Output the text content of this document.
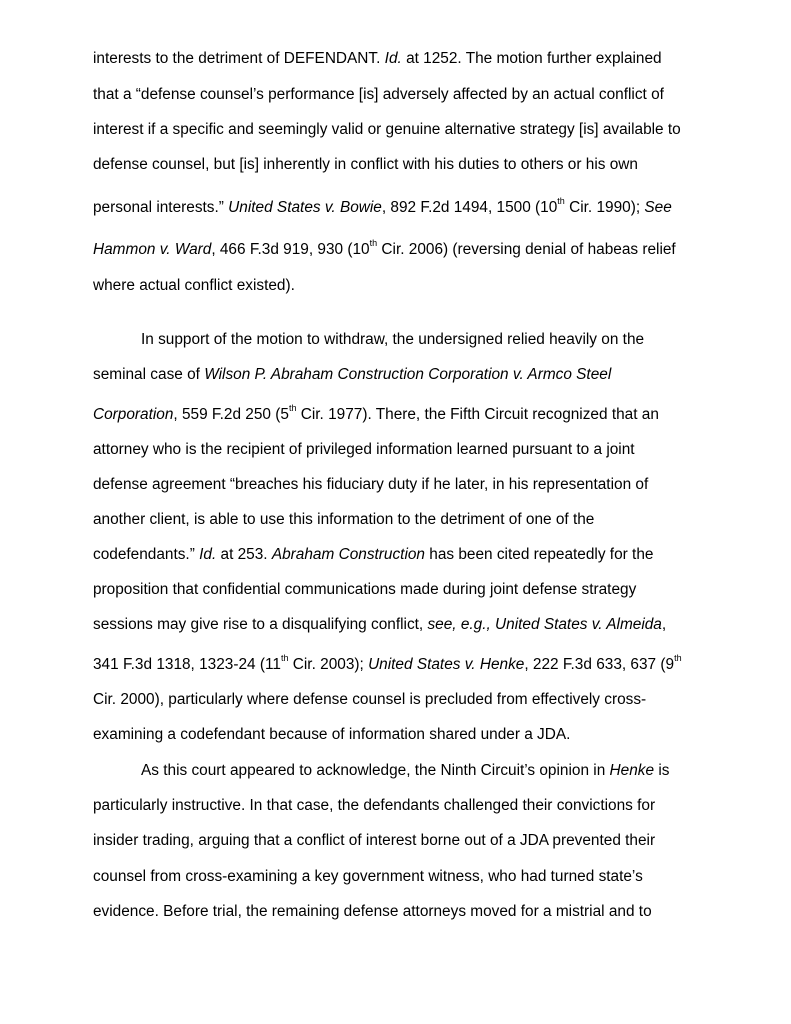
interests to the detriment of DEFENDANT. Id. at 1252. The motion further explained
that a “defense counsel’s performance [is] adversely affected by an actual conflict of
interest if a specific and seemingly valid or genuine alternative strategy [is] available to
defense counsel, but [is] inherently in conflict with his duties to others or his own
personal interests.” United States v. Bowie, 892 F.2d 1494, 1500 (10th Cir. 1990); See
Hammon v. Ward, 466 F.3d 919, 930 (10th Cir. 2006) (reversing denial of habeas relief
where actual conflict existed).
In support of the motion to withdraw, the undersigned relied heavily on the
seminal case of Wilson P. Abraham Construction Corporation v. Armco Steel
Corporation, 559 F.2d 250 (5th Cir. 1977). There, the Fifth Circuit recognized that an
attorney who is the recipient of privileged information learned pursuant to a joint
defense agreement “breaches his fiduciary duty if he later, in his representation of
another client, is able to use this information to the detriment of one of the
codefendants.” Id. at 253. Abraham Construction has been cited repeatedly for the
proposition that confidential communications made during joint defense strategy
sessions may give rise to a disqualifying conflict, see, e.g., United States v. Almeida,
341 F.3d 1318, 1323-24 (11th Cir. 2003); United States v. Henke, 222 F.3d 633, 637 (9th
Cir. 2000), particularly where defense counsel is precluded from effectively cross-
examining a codefendant because of information shared under a JDA.
As this court appeared to acknowledge, the Ninth Circuit’s opinion in Henke is
particularly instructive. In that case, the defendants challenged their convictions for
insider trading, arguing that a conflict of interest borne out of a JDA prevented their
counsel from cross-examining a key government witness, who had turned state’s
evidence. Before trial, the remaining defense attorneys moved for a mistrial and to
